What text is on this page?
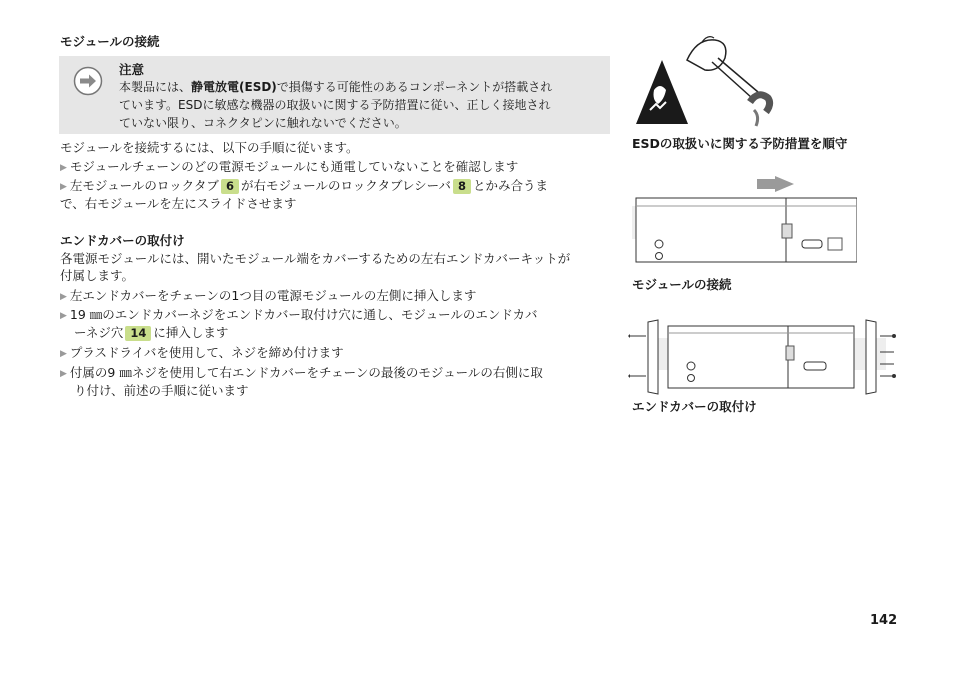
モジュールの接続
注意
本製品には、静電放電(ESD)で損傷する可能性のあるコンポーネントが搭載され
ています。ESDに敏感な機器の取扱いに関する予防措置に従い、正しく接地され
ていない限り、コネクタピンに触れないでください。
モジュールを接続するには、以下の手順に従います。
▶ モジュールチェーンのどの電源モジュールにも通電していないことを確認します
▶ 左モジュールのロックタブ 6 が右モジュールのロックタブレシーバ 8 とかみ合うま
で、右モジュールを左にスライドさせます
エンドカバーの取付け
各電源モジュールには、開いたモジュール端をカバーするための左右エンドカバーキットが
付属します。
▶ 左エンドカバーをチェーンの1つ目の電源モジュールの左側に挿入します
▶ 19 ㎜のエンドカバーネジをエンドカバー取付け穴に通し、モジュールのエンドカバ
ーネジ穴 14 に挿入します
▶ プラスドライバを使用して、ネジを締め付けます
▶ 付属の9 ㎜ネジを使用して右エンドカバーをチェーンの最後のモジュールの右側に取
り付け、前述の手順に従います
ESDの取扱いに関する予防措置を順守
モジュールの接続
エンドカバーの取付け
142
